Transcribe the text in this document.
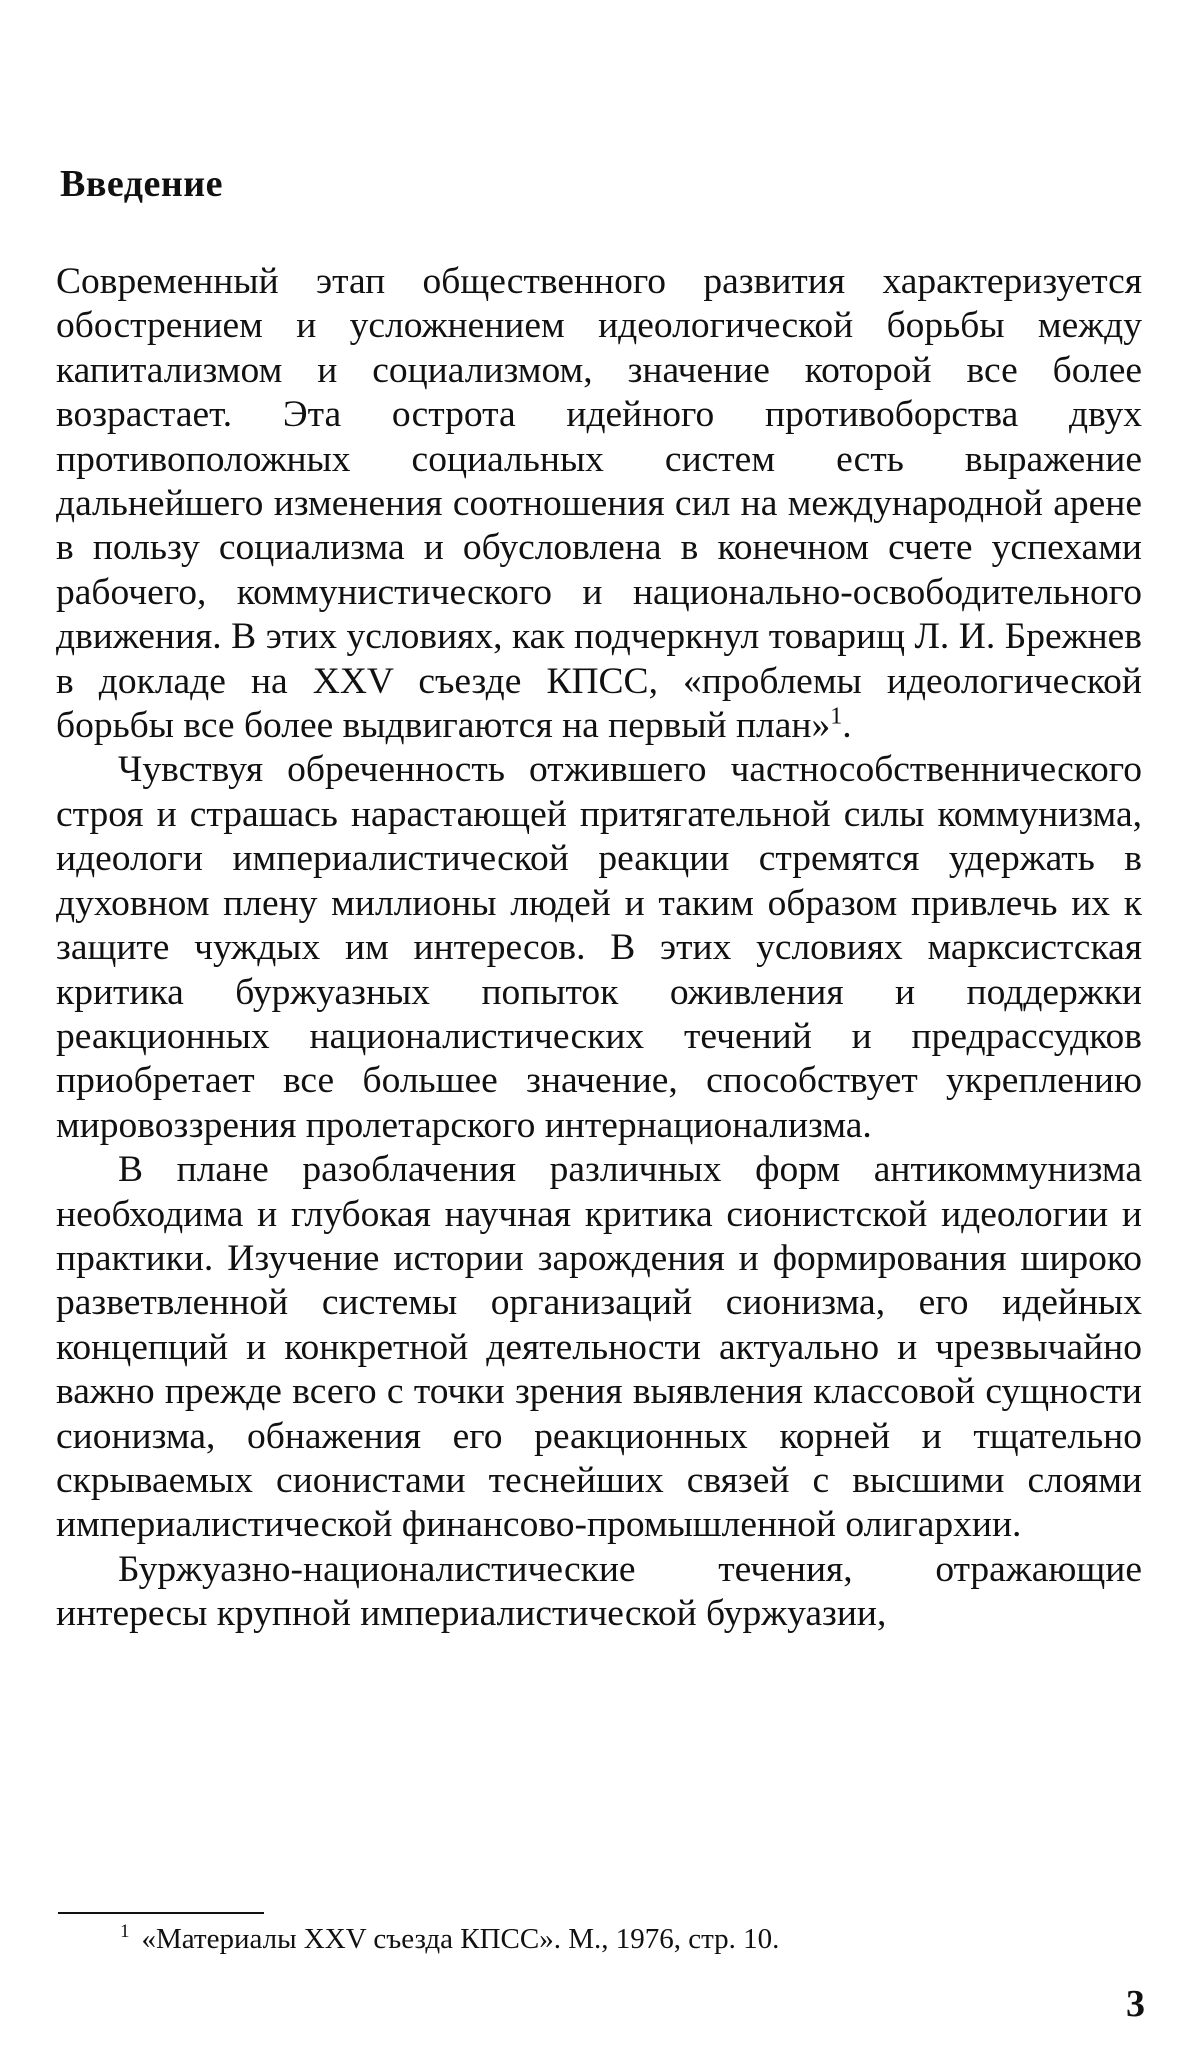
Введение

Современный этап общественного развития характеризуется обострением и усложнением идеологической борьбы между капитализмом и социализмом, значение которой все более возрастает. Эта острота идейного противоборства двух противоположных социальных систем есть выражение дальнейшего изменения соотношения сил на международной арене в пользу социализма и обусловлена в конечном счете успехами рабочего, коммунистического и национально-освободительного движения. В этих условиях, как подчеркнул товарищ Л. И. Брежнев в докладе на XXV съезде КПСС, «проблемы идеологической борьбы все более выдвигаются на первый план»$^1$.

Чувствуя обреченность отжившего частнособственнического строя и страшась нарастающей притягательной силы коммунизма, идеологи империалистической реакции стремятся удержать в духовном плену миллионы людей и таким образом привлечь их к защите чуждых им интересов. В этих условиях марксистская критика буржуазных попыток оживления и поддержки реакционных националистических течений и предрассудков приобретает все большее значение, способствует укреплению мировоззрения пролетарского интернационализма.

В плане разоблачения различных форм антикоммунизма необходима и глубокая научная критика сионистской идеологии и практики. Изучение истории зарождения и формирования широко разветвленной системы организаций сионизма, его идейных концепций и конкретной деятельности актуально и чрезвычайно важно прежде всего с точки зрения выявления классовой сущности сионизма, обнажения его реакционных корней и тщательно скрываемых сионистами теснейших связей с высшими слоями империалистической финансово-промышленной олигархии.

Буржуазно-националистические течения, отражающие интересы крупной империалистической буржуазии,

$^1$ «Материалы XXV съезда КПСС». М., 1976, стр. 10.

3
